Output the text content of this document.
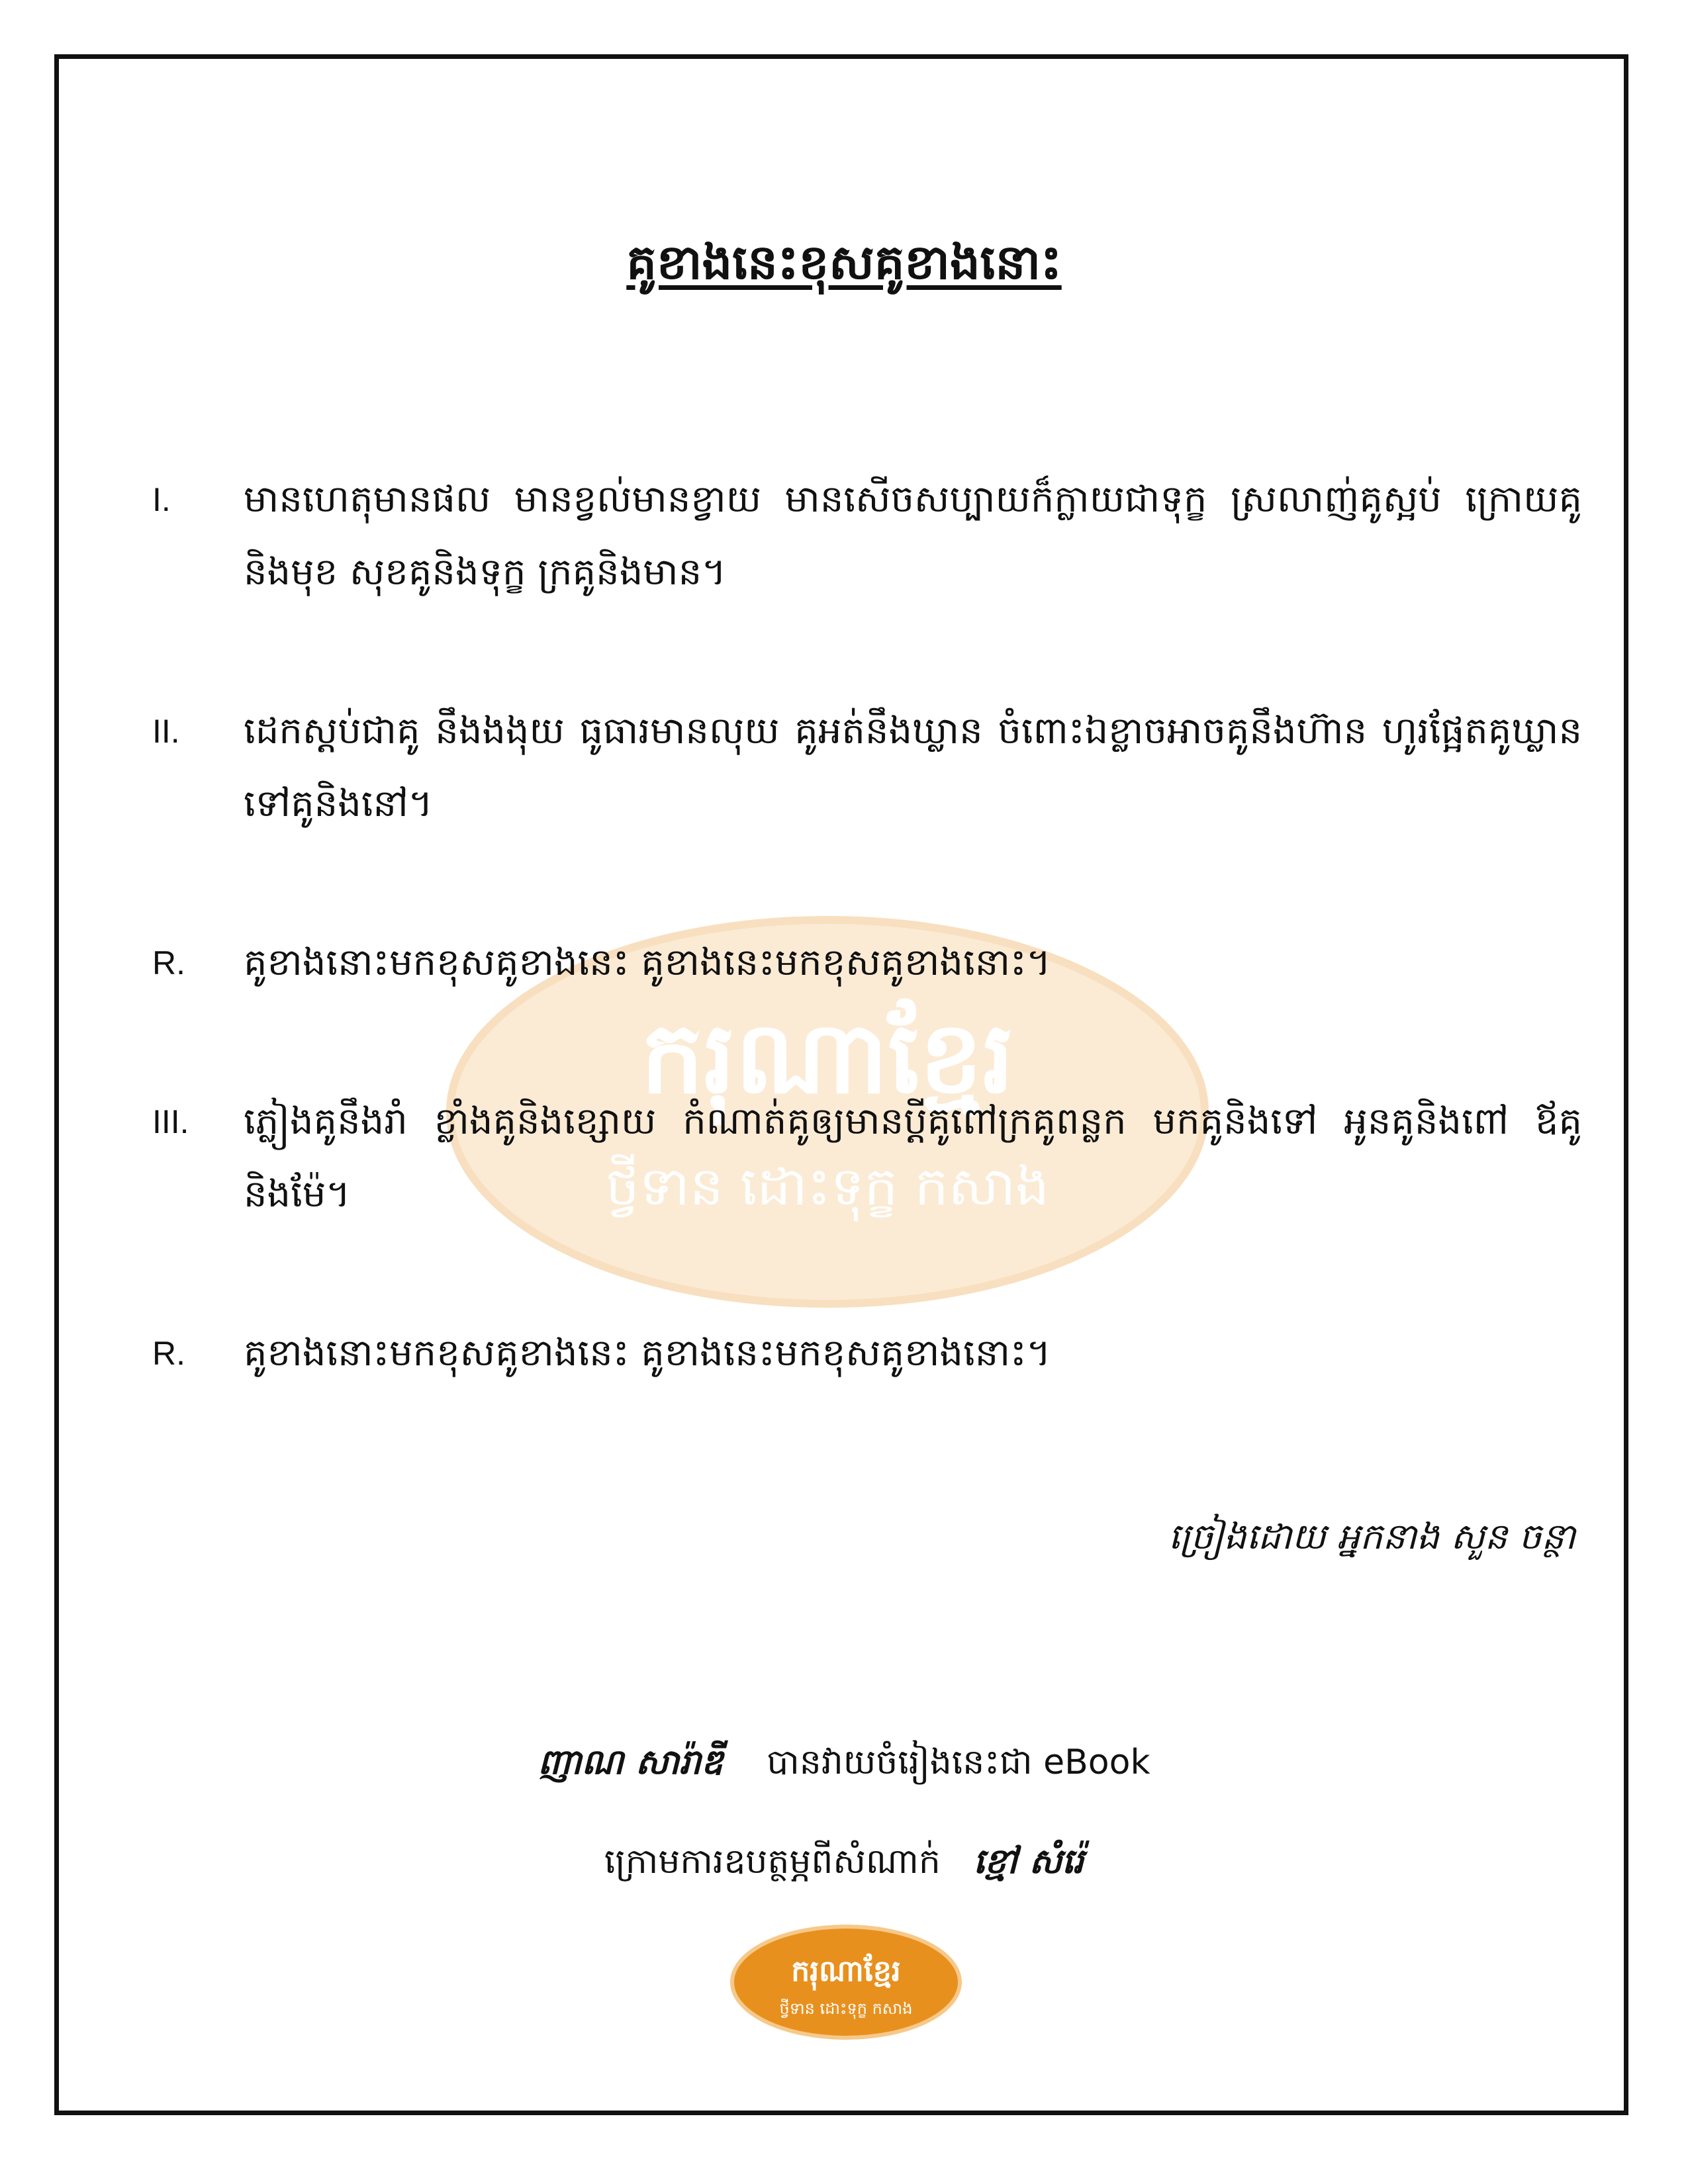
ករុណាខ្មែរ
ថ្វីទាន ដោះទុក្ខ កសាង
គូខាងនេះខុសគូខាងនោះ
I. មានហេតុមានផល មានខ្វល់មានខ្វាយ មានសើចសប្បាយក៏ក្លាយជាទុក្ខ ស្រលាញ់គូស្អប់ ក្រោយគូនិងមុខ សុខគូនិងទុក្ខ ក្រគូនិងមាន។
II. ដេកស្តប់ជាគូ នឹងងងុយ ធូធារមានលុយ គូអត់នឹងឃ្លាន ចំពោះឯខ្លាចអាចគូនឹងហ៊ាន ហូរផ្អែតគូឃ្លាន ទៅគូនិងនៅ។
R. គូខាងនោះមកខុសគូខាងនេះ គូខាងនេះមកខុសគូខាងនោះ។
III. ភ្លៀងគូនឹងរាំ ខ្លាំងគូនិងខ្សោយ កំណាត់គូឲ្យមានប្ដីគូពៅក្រគូពន្លក មកគូនិងទៅ អូនគូនិងពៅ ឪគូនិងម៉ែ។
R. គូខាងនោះមកខុសគូខាងនេះ គូខាងនេះមកខុសគូខាងនោះ។
ច្រៀងដោយ អ្នកនាង សួន ចន្ថា
ញាណ សារ៉ាឌី បានវាយចំរៀងនេះជា eBook
ក្រោមការឧបត្ថម្ភពីសំណាក់ ខ្មៅ សំរ៉េ
ករុណាខ្មែរ
ថ្វីទាន ដោះទុក្ខ កសាង
